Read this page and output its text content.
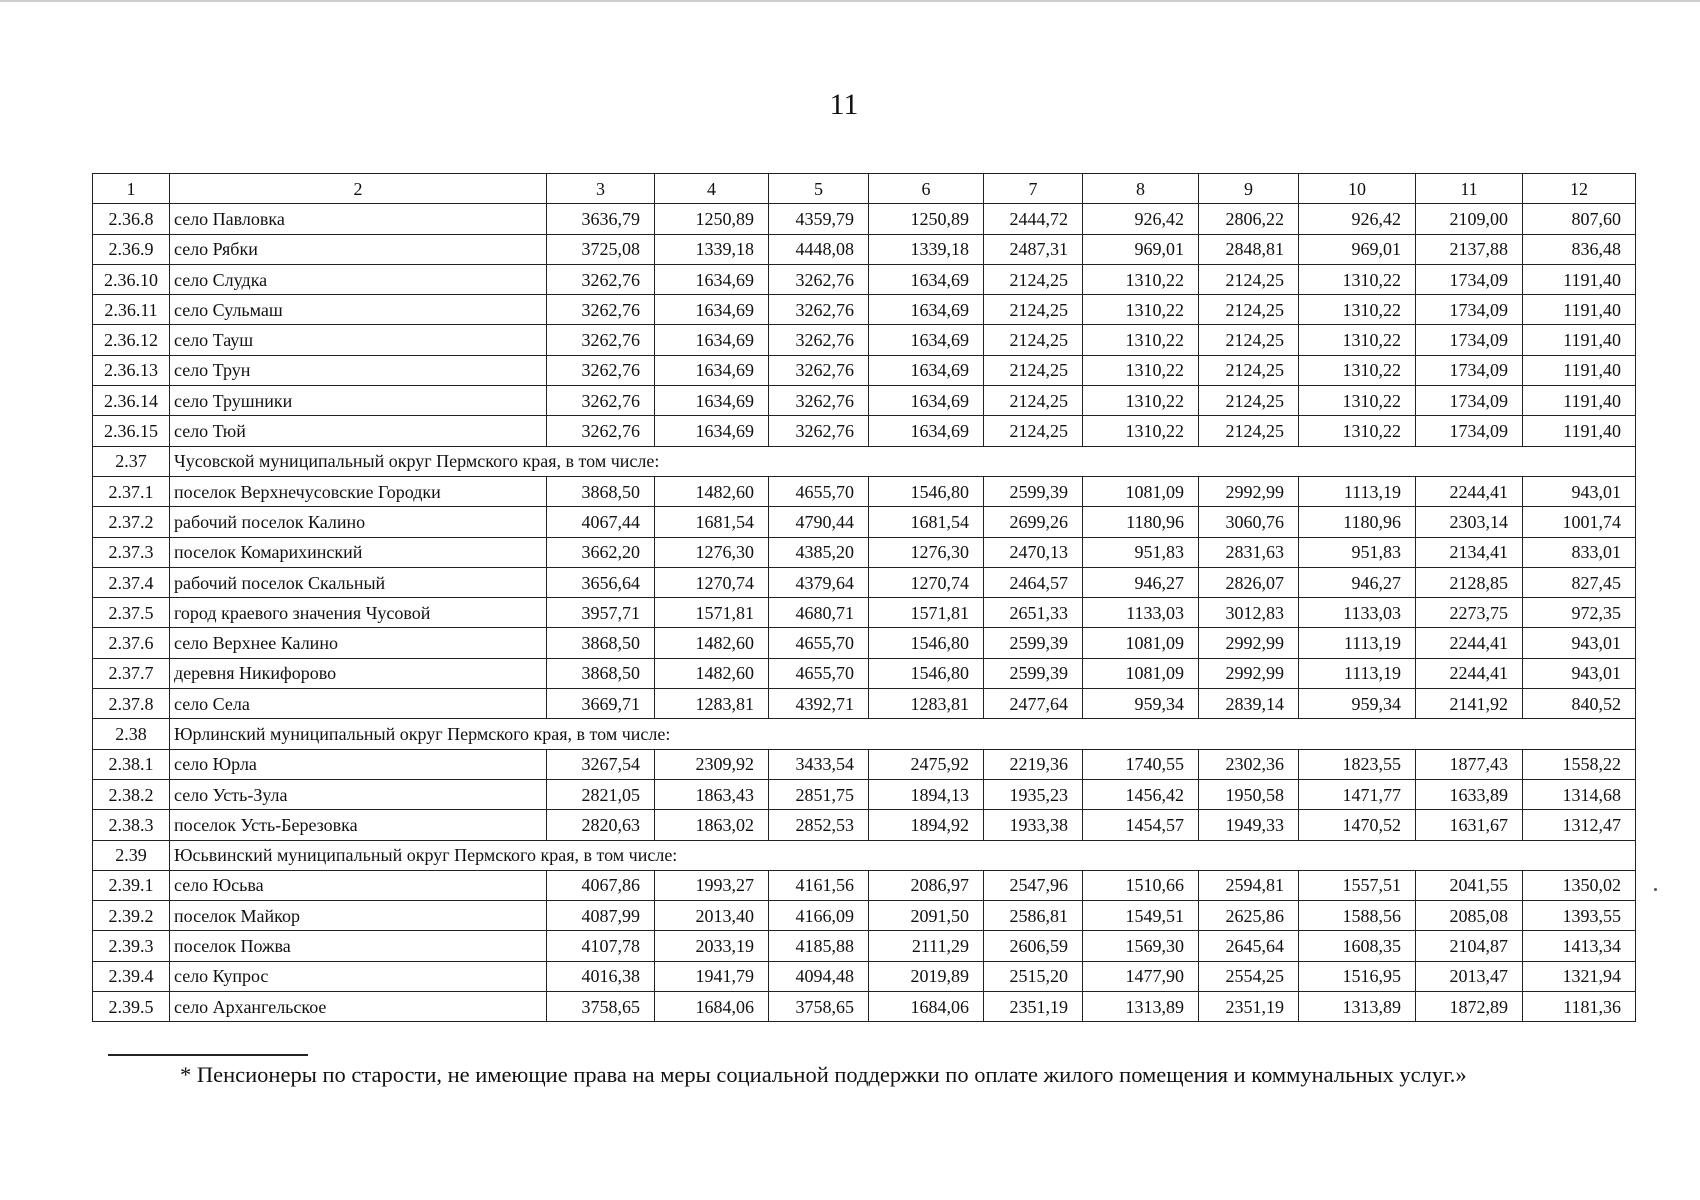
11
1	2	3	4	5	6	7	8	9	10	11	12
2.36.8	село Павловка	3636,79	1250,89	4359,79	1250,89	2444,72	926,42	2806,22	926,42	2109,00	807,60
2.36.9	село Рябки	3725,08	1339,18	4448,08	1339,18	2487,31	969,01	2848,81	969,01	2137,88	836,48
2.36.10	село Слудка	3262,76	1634,69	3262,76	1634,69	2124,25	1310,22	2124,25	1310,22	1734,09	1191,40
2.36.11	село Сульмаш	3262,76	1634,69	3262,76	1634,69	2124,25	1310,22	2124,25	1310,22	1734,09	1191,40
2.36.12	село Тауш	3262,76	1634,69	3262,76	1634,69	2124,25	1310,22	2124,25	1310,22	1734,09	1191,40
2.36.13	село Трун	3262,76	1634,69	3262,76	1634,69	2124,25	1310,22	2124,25	1310,22	1734,09	1191,40
2.36.14	село Трушники	3262,76	1634,69	3262,76	1634,69	2124,25	1310,22	2124,25	1310,22	1734,09	1191,40
2.36.15	село Тюй	3262,76	1634,69	3262,76	1634,69	2124,25	1310,22	2124,25	1310,22	1734,09	1191,40
2.37	Чусовской муниципальный округ Пермского края, в том числе:										
2.37.1	поселок Верхнечусовские Городки	3868,50	1482,60	4655,70	1546,80	2599,39	1081,09	2992,99	1113,19	2244,41	943,01
2.37.2	рабочий поселок Калино	4067,44	1681,54	4790,44	1681,54	2699,26	1180,96	3060,76	1180,96	2303,14	1001,74
2.37.3	поселок Комарихинский	3662,20	1276,30	4385,20	1276,30	2470,13	951,83	2831,63	951,83	2134,41	833,01
2.37.4	рабочий поселок Скальный	3656,64	1270,74	4379,64	1270,74	2464,57	946,27	2826,07	946,27	2128,85	827,45
2.37.5	город краевого значения Чусовой	3957,71	1571,81	4680,71	1571,81	2651,33	1133,03	3012,83	1133,03	2273,75	972,35
2.37.6	село Верхнее Калино	3868,50	1482,60	4655,70	1546,80	2599,39	1081,09	2992,99	1113,19	2244,41	943,01
2.37.7	деревня Никифорово	3868,50	1482,60	4655,70	1546,80	2599,39	1081,09	2992,99	1113,19	2244,41	943,01
2.37.8	село Села	3669,71	1283,81	4392,71	1283,81	2477,64	959,34	2839,14	959,34	2141,92	840,52
2.38	Юрлинский муниципальный округ Пермского края, в том числе:										
2.38.1	село Юрла	3267,54	2309,92	3433,54	2475,92	2219,36	1740,55	2302,36	1823,55	1877,43	1558,22
2.38.2	село Усть-Зула	2821,05	1863,43	2851,75	1894,13	1935,23	1456,42	1950,58	1471,77	1633,89	1314,68
2.38.3	поселок Усть-Березовка	2820,63	1863,02	2852,53	1894,92	1933,38	1454,57	1949,33	1470,52	1631,67	1312,47
2.39	Юсьвинский муниципальный округ Пермского края, в том числе:										
2.39.1	село Юсьва	4067,86	1993,27	4161,56	2086,97	2547,96	1510,66	2594,81	1557,51	2041,55	1350,02
2.39.2	поселок Майкор	4087,99	2013,40	4166,09	2091,50	2586,81	1549,51	2625,86	1588,56	2085,08	1393,55
2.39.3	поселок Пожва	4107,78	2033,19	4185,88	2111,29	2606,59	1569,30	2645,64	1608,35	2104,87	1413,34
2.39.4	село Купрос	4016,38	1941,79	4094,48	2019,89	2515,20	1477,90	2554,25	1516,95	2013,47	1321,94
2.39.5	село Архангельское	3758,65	1684,06	3758,65	1684,06	2351,19	1313,89	2351,19	1313,89	1872,89	1181,36
* Пенсионеры по старости, не имеющие права на меры социальной поддержки по оплате жилого помещения и коммунальных услуг.»
